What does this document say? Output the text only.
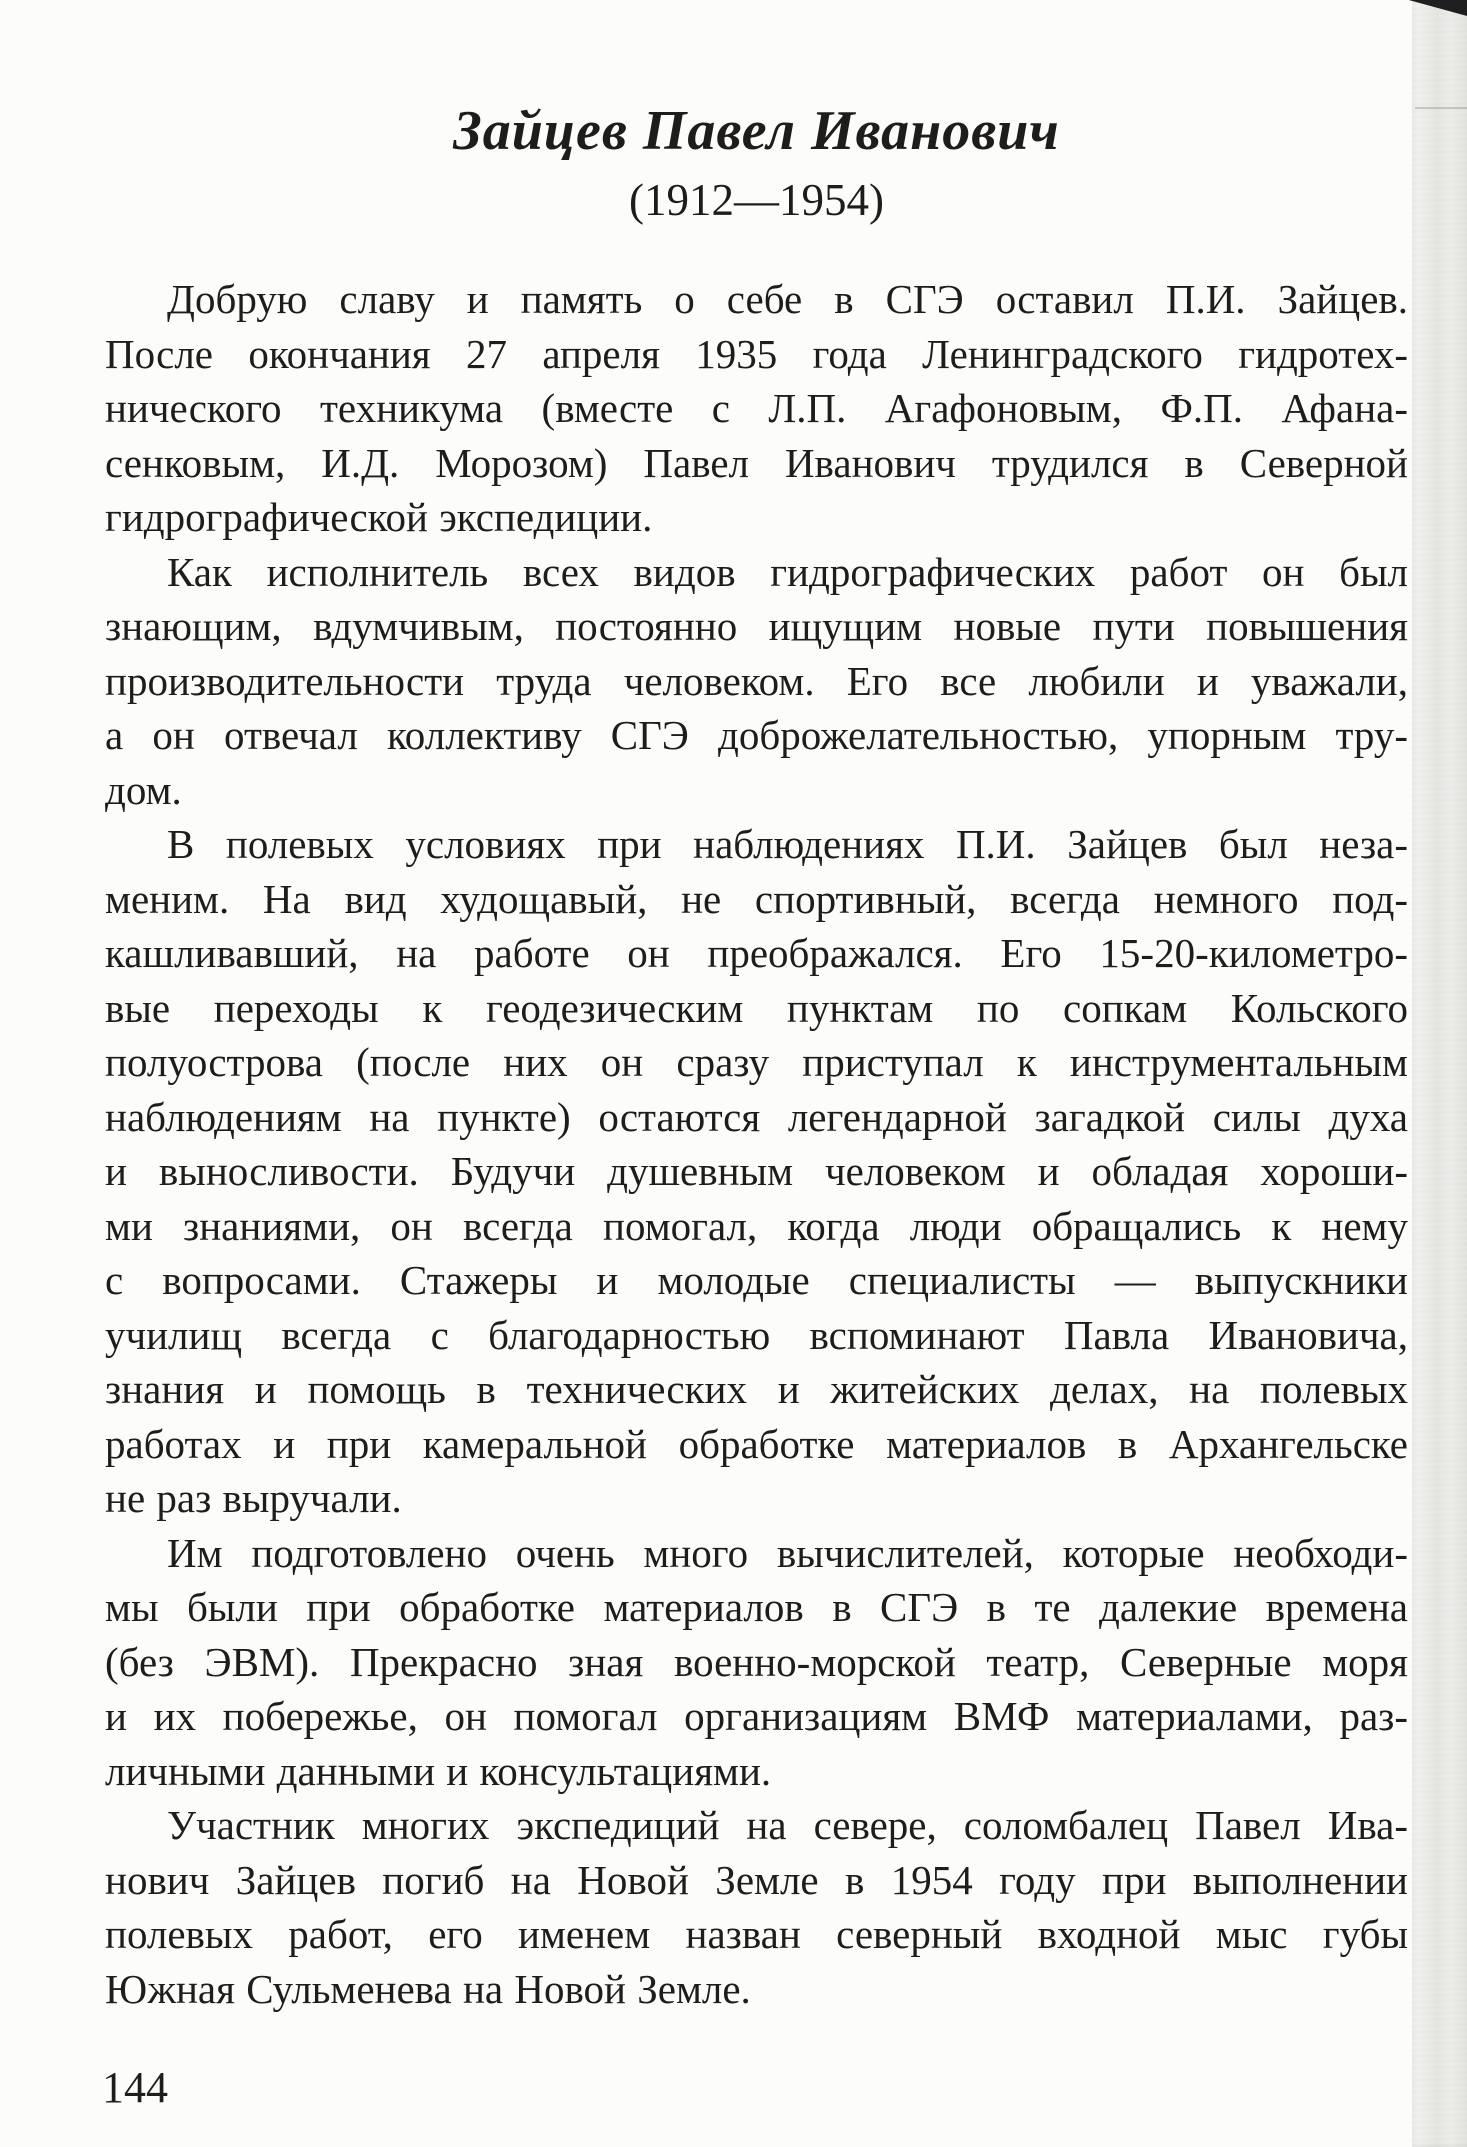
Зайцев Павел Иванович
(1912—1954)
Добрую славу и память о себе в СГЭ оставил П.И. Зайцев.
После окончания 27 апреля 1935 года Ленинградского гидротех-
нического техникума (вместе с Л.П. Агафоновым, Ф.П. Афана-
сенковым, И.Д. Морозом) Павел Иванович трудился в Северной
гидрографической экспедиции.
Как исполнитель всех видов гидрографических работ он был
знающим, вдумчивым, постоянно ищущим новые пути повышения
производительности труда человеком. Его все любили и уважали,
а он отвечал коллективу СГЭ доброжелательностью, упорным тру-
дом.
В полевых условиях при наблюдениях П.И. Зайцев был неза-
меним. На вид худощавый, не спортивный, всегда немного под-
кашливавший, на работе он преображался. Его 15-20-километро-
вые переходы к геодезическим пунктам по сопкам Кольского
полуострова (после них он сразу приступал к инструментальным
наблюдениям на пункте) остаются легендарной загадкой силы духа
и выносливости. Будучи душевным человеком и обладая хороши-
ми знаниями, он всегда помогал, когда люди обращались к нему
с вопросами. Стажеры и молодые специалисты — выпускники
училищ всегда с благодарностью вспоминают Павла Ивановича,
знания и помощь в технических и житейских делах, на полевых
работах и при камеральной обработке материалов в Архангельске
не раз выручали.
Им подготовлено очень много вычислителей, которые необходи-
мы были при обработке материалов в СГЭ в те далекие времена
(без ЭВМ). Прекрасно зная военно-морской театр, Северные моря
и их побережье, он помогал организациям ВМФ материалами, раз-
личными данными и консультациями.
Участник многих экспедиций на севере, соломбалец Павел Ива-
нович Зайцев погиб на Новой Земле в 1954 году при выполнении
полевых работ, его именем назван северный входной мыс губы
Южная Сульменева на Новой Земле.
144
